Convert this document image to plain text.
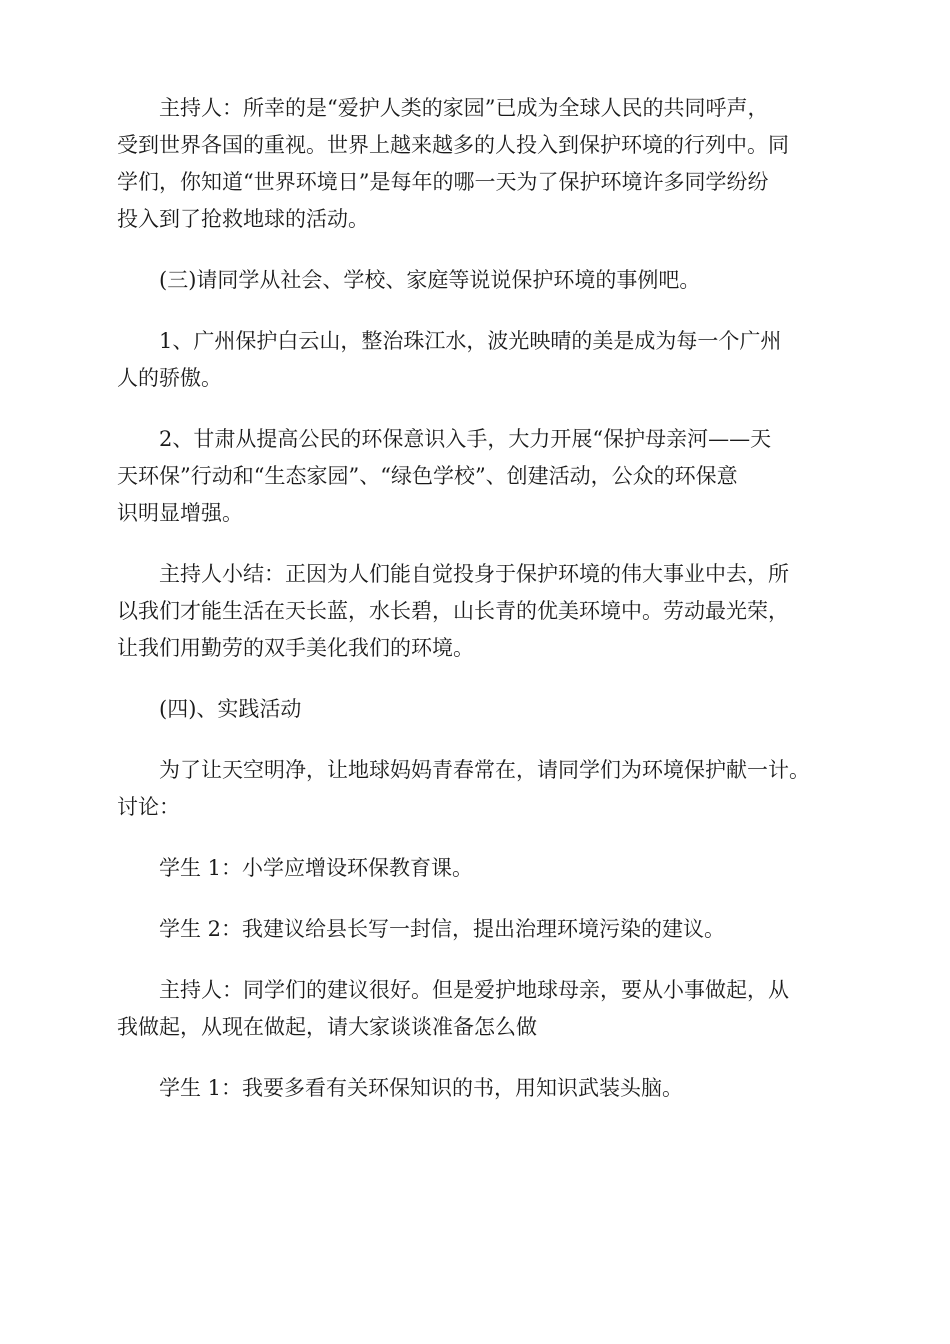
主持人：所幸的是“爱护人类的家园”已成为全球人民的共同呼声，
受到世界各国的重视。世界上越来越多的人投入到保护环境的行列中。同
学们，你知道“世界环境日”是每年的哪一天为了保护环境许多同学纷纷
投入到了抢救地球的活动。

(三)请同学从社会、学校、家庭等说说保护环境的事例吧。

1、广州保护白云山，整治珠江水，波光映晴的美是成为每一个广州
人的骄傲。

2、甘肃从提高公民的环保意识入手，大力开展“保护母亲河——天
天环保”行动和“生态家园”、“绿色学校”、创建活动，公众的环保意
识明显增强。

主持人小结：正因为人们能自觉投身于保护环境的伟大事业中去，所
以我们才能生活在天长蓝，水长碧，山长青的优美环境中。劳动最光荣，
让我们用勤劳的双手美化我们的环境。

(四)、实践活动

为了让天空明净，让地球妈妈青春常在，请同学们为环境保护献一计。
讨论：

学生 1：小学应增设环保教育课。

学生 2：我建议给县长写一封信，提出治理环境污染的建议。

主持人：同学们的建议很好。但是爱护地球母亲，要从小事做起，从
我做起，从现在做起，请大家谈谈准备怎么做

学生 1：我要多看有关环保知识的书，用知识武装头脑。
